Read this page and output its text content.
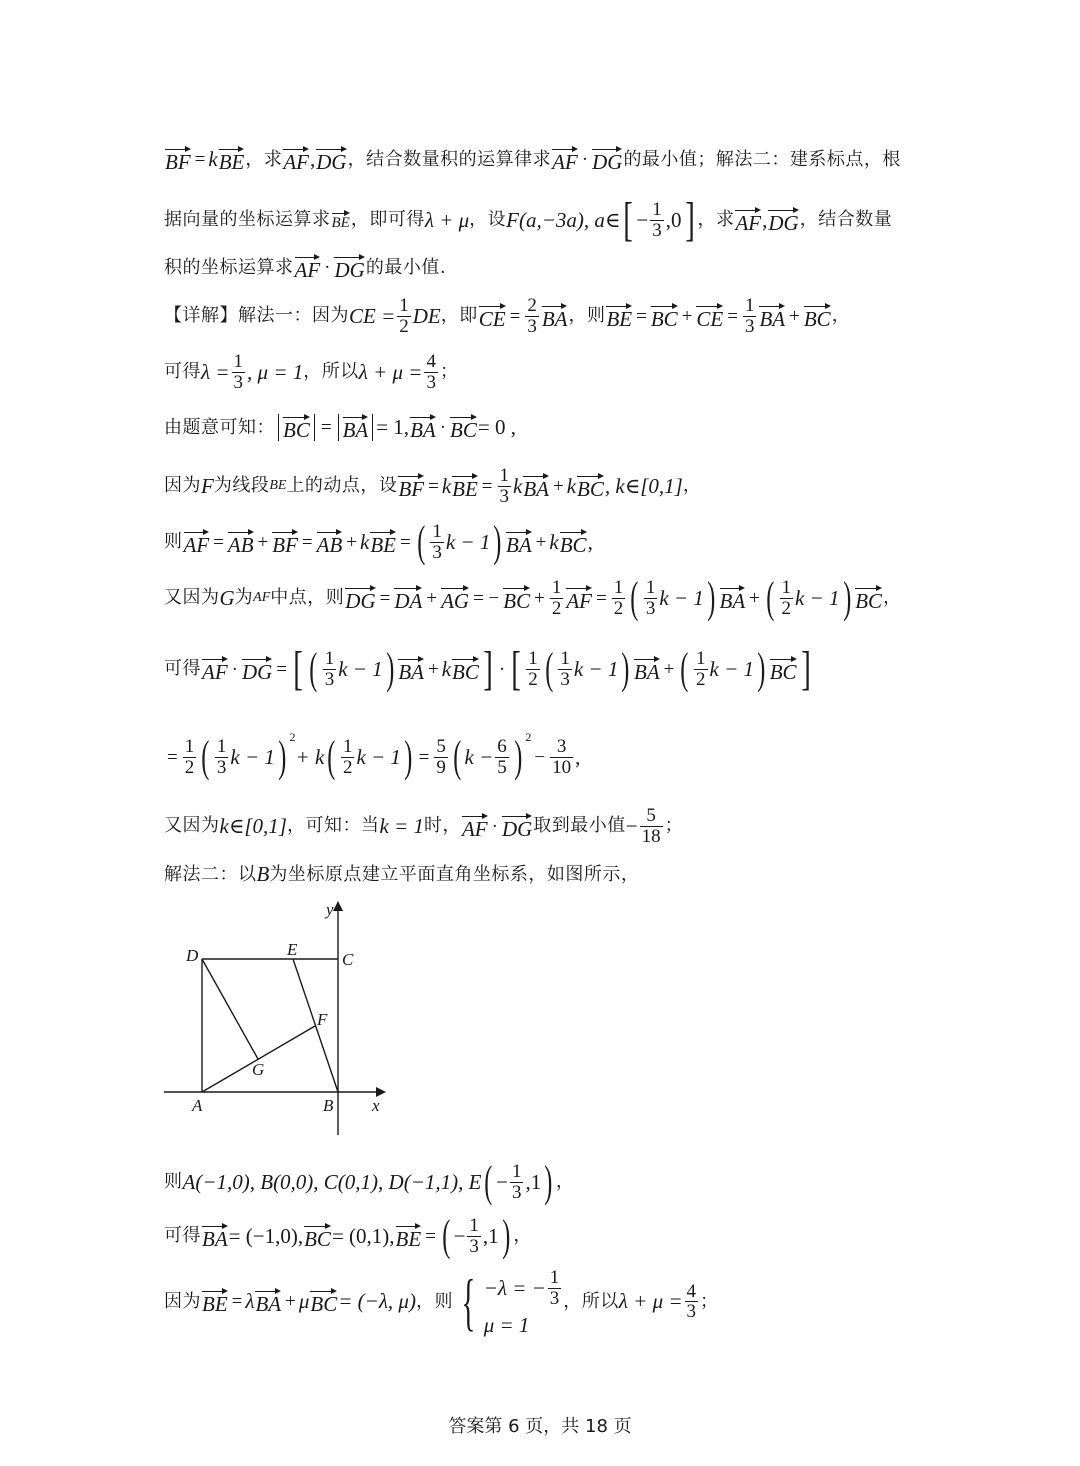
BF = k BE ，求 AF , DG ，结合数量积的运算律求 AF · DG 的最小值；解法二：建系标点，根
据向量的坐标运算求 BE ，即可得 λ + μ ，设 F(a,−3a), a∈ [ − $\frac{1}{3} ,0$ ] ，求 AF , DG ，结合数量
积的坐标运算求 AF · DG 的最小值.
【详解】解法一：因为 CE = $\frac{1}{2}$ DE ，即 CE = $\frac{2}{3}$ BA ，则 BE = BC + CE = $\frac{1}{3}$ BA + BC ，
可得 $\lambda = \frac{1}{3}$ , μ = 1 ，所以 $\lambda + \mu = \frac{4}{3}$ ；
由题意可知： BC = BA = 1, BA · BC = 0 ,
因为 F 为线段 BE 上的动点，设 BF = k BE = $\frac{1}{3}$ k BA + k BC , k∈[0,1] ，
则 AF = AB + BF = AB + k BE = ( $\frac{1}{3}$ k − 1 ) BA + k BC ,
又因为 G 为 AF 中点，则 DG = DA + AG = − BC + $\frac{1}{2}$ AF = $\frac{1}{2}$ ( $\frac{1}{3}$ k − 1 ) BA + ( $\frac{1}{2}$ k − 1 ) BC ，
可得 AF · DG = [ ( $\frac{1}{3}$ k − 1 ) BA + k BC ] · [ $\frac{1}{2}$ ( $\frac{1}{3}$ k − 1 ) BA + ( $\frac{1}{2}$ k − 1 ) BC ]
= $\frac{1}{2}$ ( $\frac{1}{3}$ k − 1 ) 2
+ k ( $\frac{1}{2}$ k − 1 ) = $\frac{5}{9}$ ( $k - \frac{6}{5}$ ) 2
− $\frac{3}{10}$ ,
又因为 k∈[0,1] ，可知：当 k = 1 时， AF · DG 取到最小值 − $\frac{5}{18}$ ；
解法二：以 B 为坐标原点建立平面直角坐标系，如图所示，
D	E
C
F
G
A	B x
y
则 A(−1,0), B(0,0), C(0,1), D(−1,1), E ( − $\frac{1}{3} ,1$ ) ，
可得 BA = (−1,0), BC = (0,1), BE = ( − $\frac{1}{3} ,1$ ) ，
因为 BE = λ BA + μ BC = (−λ, μ) ，则 { −λ = − $\frac{1}{3}$
μ = 1
，所以 $\lambda + \mu = \frac{4}{3}$ ；
答案第 6 页，共 18 页
